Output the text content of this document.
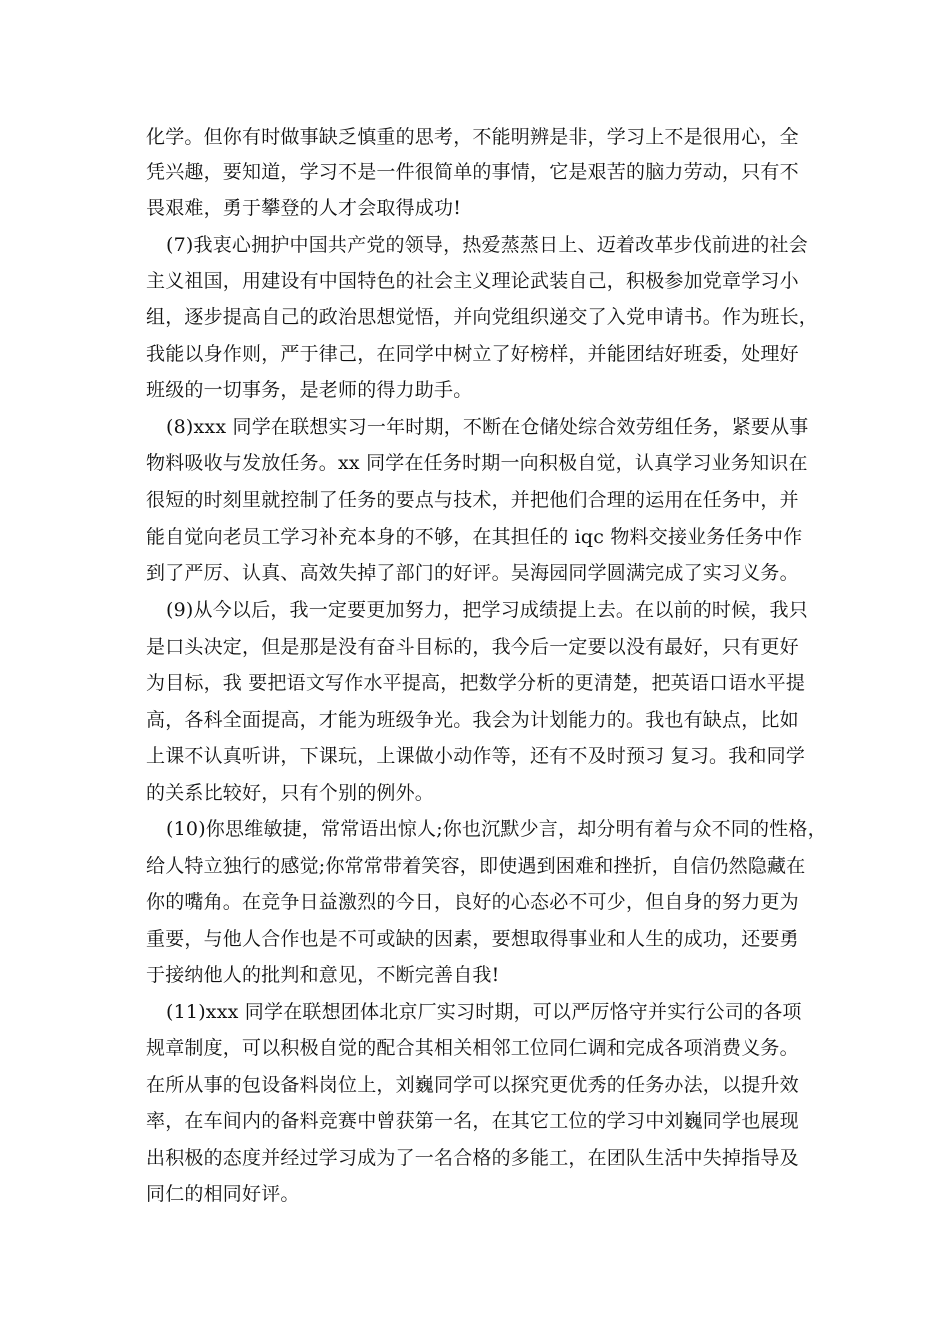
化学。但你有时做事缺乏慎重的思考，不能明辨是非，学习上不是很用心，全
凭兴趣，要知道，学习不是一件很简单的事情，它是艰苦的脑力劳动，只有不
畏艰难，勇于攀登的人才会取得成功!
(7)我衷心拥护中国共产党的领导，热爱蒸蒸日上、迈着改革步伐前进的社会
主义祖国，用建设有中国特色的社会主义理论武装自己，积极参加党章学习小
组，逐步提高自己的政治思想觉悟，并向党组织递交了入党申请书。作为班长，
我能以身作则，严于律己，在同学中树立了好榜样，并能团结好班委，处理好
班级的一切事务，是老师的得力助手。
(8)xxx 同学在联想实习一年时期，不断在仓储处综合效劳组任务，紧要从事
物料吸收与发放任务。xx 同学在任务时期一向积极自觉，认真学习业务知识在
很短的时刻里就控制了任务的要点与技术，并把他们合理的运用在任务中，并
能自觉向老员工学习补充本身的不够，在其担任的 iqc 物料交接业务任务中作
到了严厉、认真、高效失掉了部门的好评。吴海园同学圆满完成了实习义务。
(9)从今以后，我一定要更加努力，把学习成绩提上去。在以前的时候，我只
是口头决定，但是那是没有奋斗目标的，我今后一定要以没有最好，只有更好
为目标，我 要把语文写作水平提高，把数学分析的更清楚，把英语口语水平提
高，各科全面提高，才能为班级争光。我会为计划能力的。我也有缺点，比如
上课不认真听讲，下课玩，上课做小动作等，还有不及时预习 复习。我和同学
的关系比较好，只有个别的例外。
(10)你思维敏捷，常常语出惊人;你也沉默少言，却分明有着与众不同的性格，
给人特立独行的感觉;你常常带着笑容，即使遇到困难和挫折，自信仍然隐藏在
你的嘴角。在竞争日益激烈的今日，良好的心态必不可少，但自身的努力更为
重要，与他人合作也是不可或缺的因素，要想取得事业和人生的成功，还要勇
于接纳他人的批判和意见，不断完善自我!
(11)xxx 同学在联想团体北京厂实习时期，可以严厉恪守并实行公司的各项
规章制度，可以积极自觉的配合其相关相邻工位同仁调和完成各项消费义务。
在所从事的包设备料岗位上，刘巍同学可以探究更优秀的任务办法，以提升效
率，在车间内的备料竞赛中曾获第一名，在其它工位的学习中刘巍同学也展现
出积极的态度并经过学习成为了一名合格的多能工，在团队生活中失掉指导及
同仁的相同好评。
